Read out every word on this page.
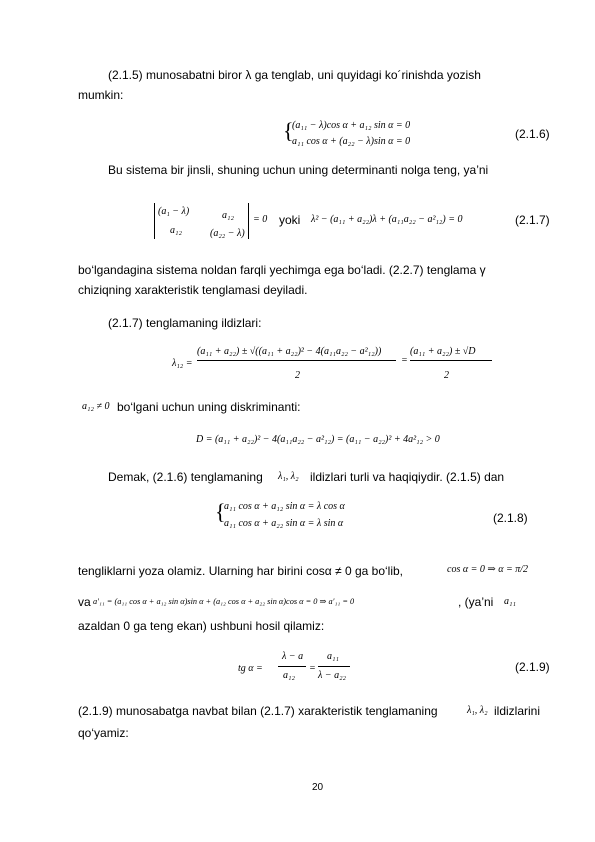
(2.1.5) munosabatni biror λ ga tenglab, uni quyidagi ko´rinishda yozish
mumkin:
{
(a₁₁ − λ)cos α + a₁₂ sin α = 0
a₁₁ cos α + (a₂₂ − λ)sin α = 0
(2.1.6)
Bu sistema bir jinsli, shuning uchun uning determinanti nolga teng, ya’ni
(a₁ − λ)	a₁₂
a₁₂	(a₂₂ − λ)
= 0 yoki λ² − (a₁₁ + a₂₂)λ + (a₁₁a₂₂ − a²₁₂) = 0	(2.1.7)
bo‘lgandagina sistema noldan farqli yechimga ega bo‘ladi. (2.2.7) tenglama γ
chiziqning xarakteristik tenglamasi deyiladi.
(2.1.7) tenglamaning ildizlari:
λ₁₂ =
(a₁₁ + a₂₂) ± √((a₁₁ + a₂₂)² − 4(a₁₁a₂₂ − a²₁₂))
2
=
(a₁₁ + a₂₂) ± √D
2
a₁₂ ≠ 0 bo‘lgani uchun uning diskriminanti:
D = (a₁₁ + a₂₂)² − 4(a₁₁a₂₂ − a²₁₂) = (a₁₁ − a₂₂)² + 4a²₁₂ > 0
Demak, (2.1.6) tenglamaning λ₁, λ₂ ildizlari turli va haqiqiydir. (2.1.5) dan
{
a₁₁ cos α + a₁₂ sin α = λ cos α
a₁₁ cos α + a₂₂ sin α = λ sin α	(2.1.8)
tengliklarni yoza olamiz. Ularning har birini cosα ≠ 0 ga bo‘lib,	cos α = 0 ⇒ α = π/2
va a′₁₁ = (a₁₁ cos α + a₁₂ sin α)sin α + (a₁₂ cos α + a₂₂ sin α)cos α = 0 ⇒ a′₁₁ = 0	, (ya’ni a₁₁
azaldan 0 ga teng ekan) ushbuni hosil qilamiz:
tg α =
λ − a
a₁₂
=
a₁₁
λ − a₂₂
(2.1.9)
(2.1.9) munosabatga navbat bilan (2.1.7) xarakteristik tenglamaning	λ₁, λ₂ ildizlarini
qo‘yamiz:
20
